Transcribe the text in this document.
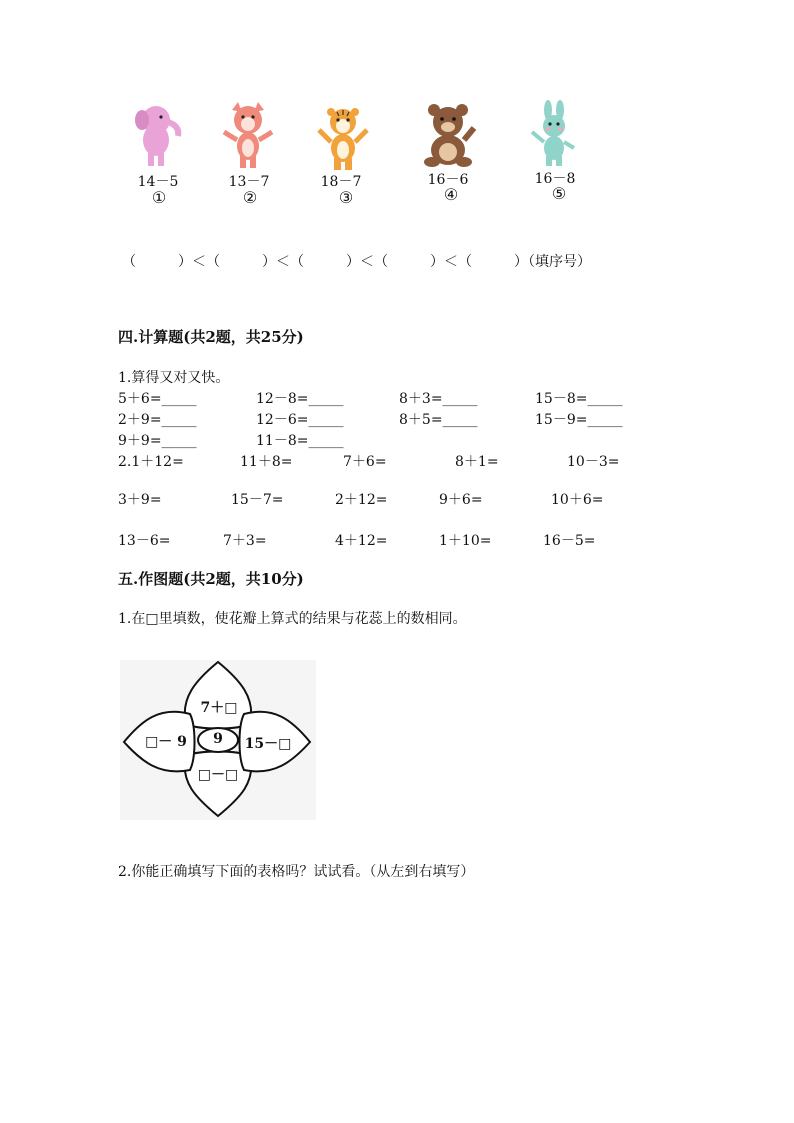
14－5	13－7	18－7	16－6	16－8
①	②	③	④	⑤
（　　　）＜（　　　）＜（　　　）＜（　　　）＜（　　　）（填序号）
四.计算题(共2题，共25分)
1.算得又对又快。
5＋6=_____	12－8=_____	8＋3=_____	15－8=_____
2＋9=_____	12－6=_____	8＋5=_____	15－9=_____
9＋9=_____	11－8=_____
2.1＋12=	11＋8=	7＋6=	8＋1=	10－3=
3＋9=	15－7=	2＋12=	9＋6=	10＋6=
13－6=	7＋3=	4＋12=	1＋10=	16－5=
五.作图题(共2题，共10分)
1.在□里填数，使花瓣上算式的结果与花蕊上的数相同。
7＋□
□－ 9	9	15－□
□－□
2.你能正确填写下面的表格吗？试试看。（从左到右填写）
